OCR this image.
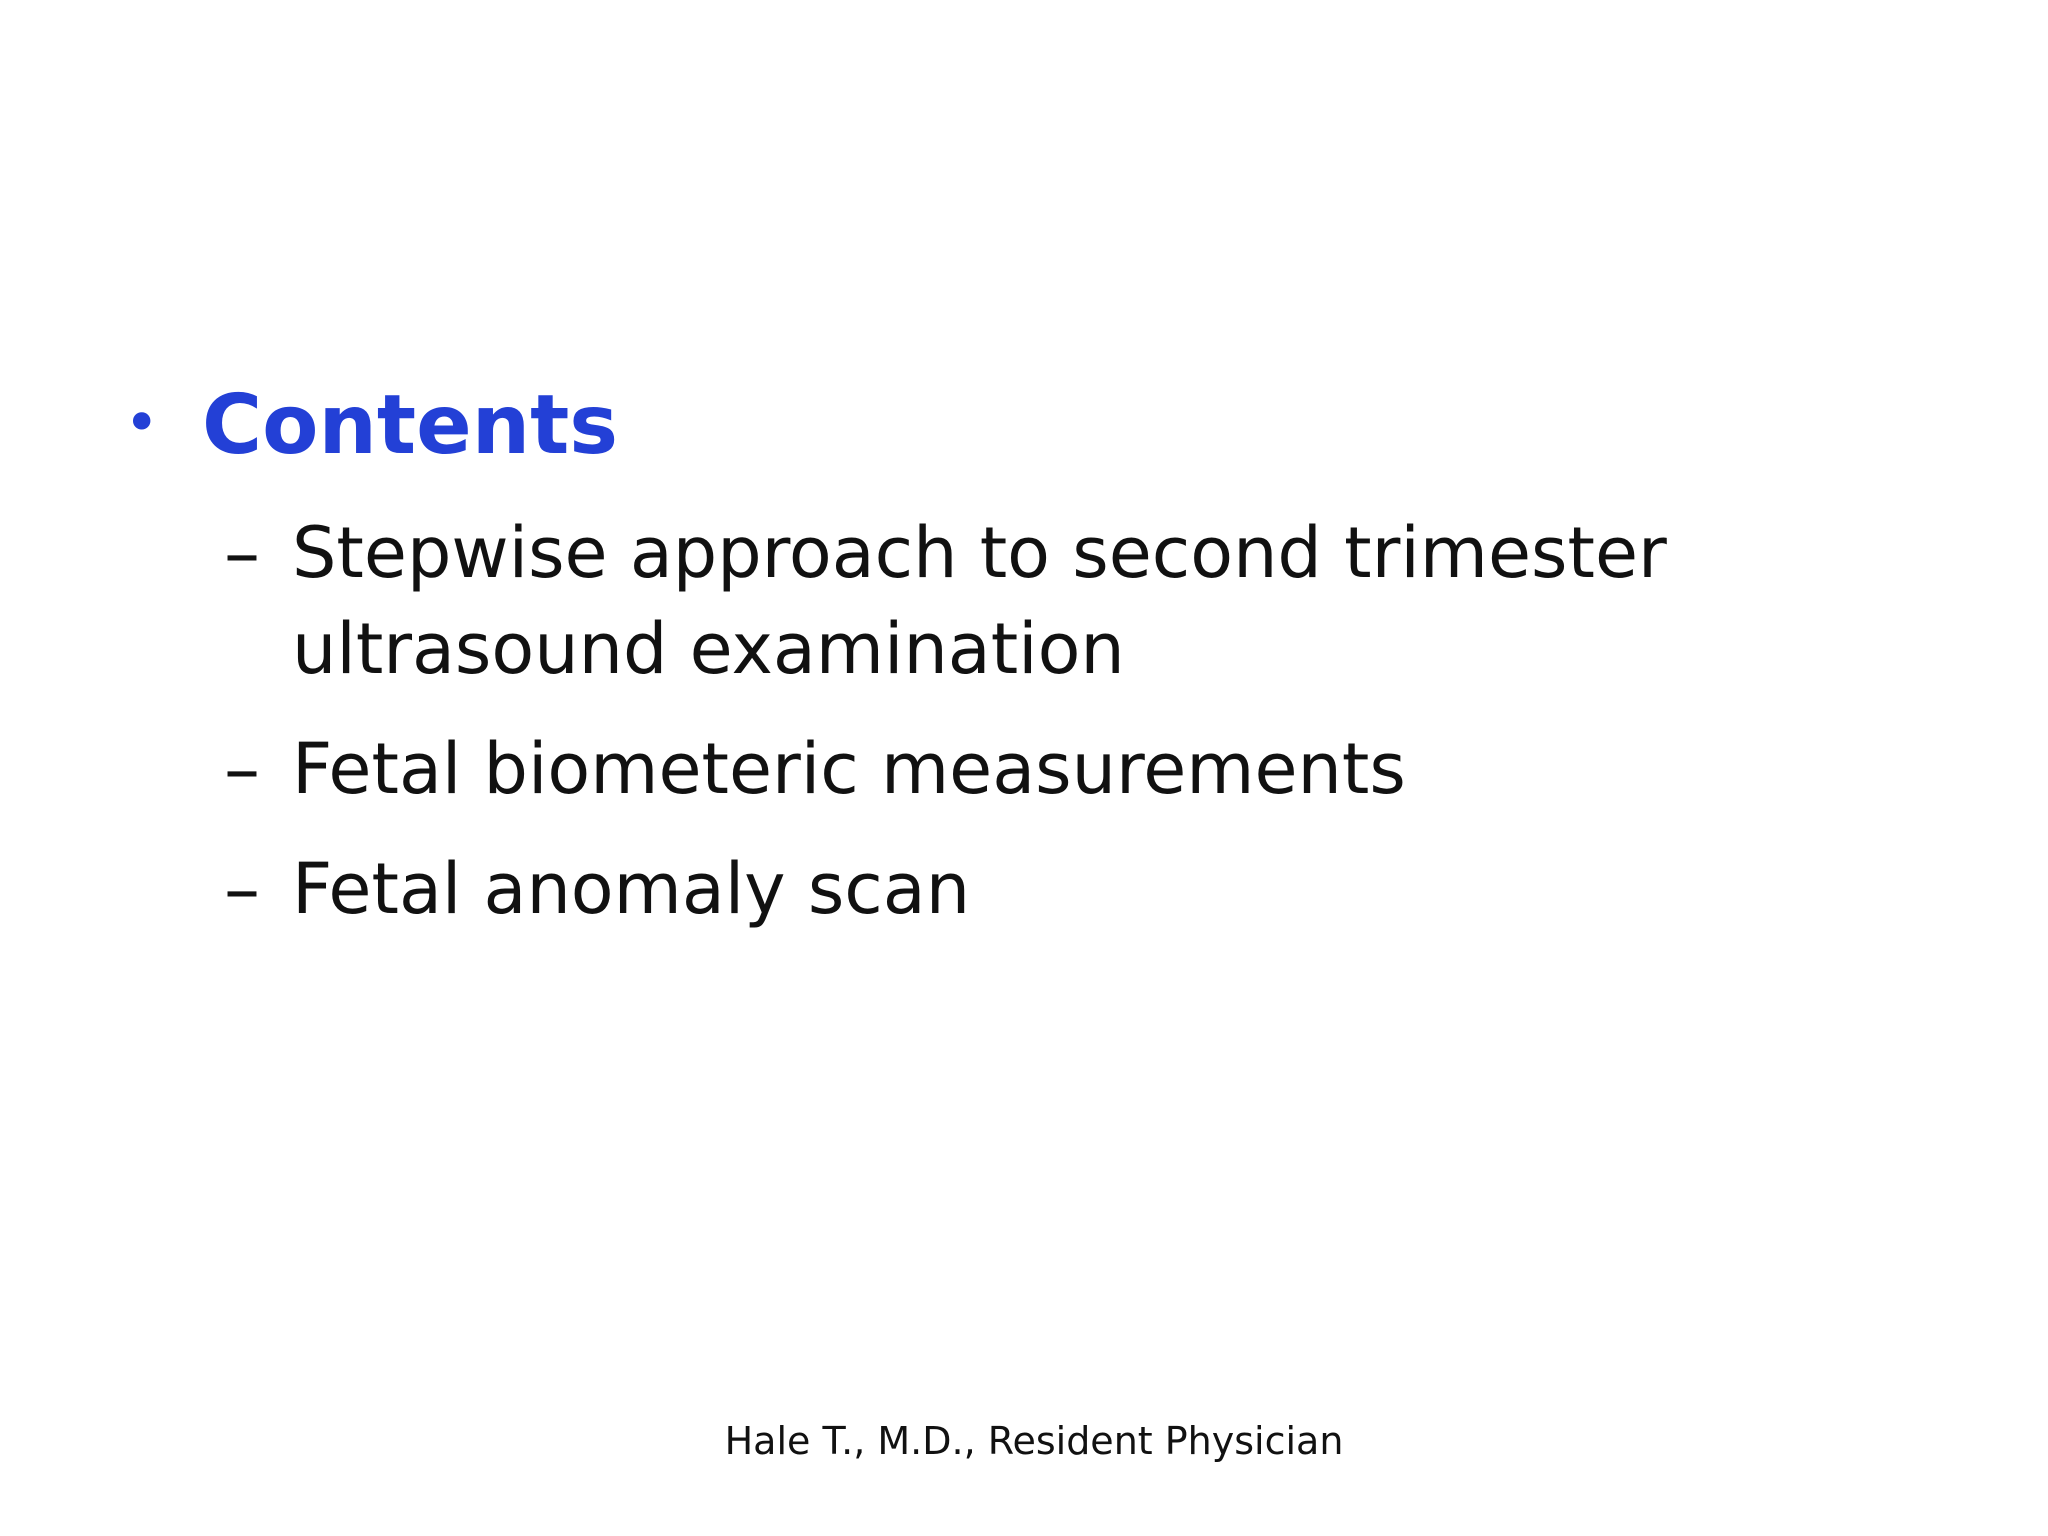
• Contents
– Stepwise approach to second trimester ultrasound examination
– Fetal biometeric measurements
– Fetal anomaly scan
Hale T., M.D., Resident Physician
